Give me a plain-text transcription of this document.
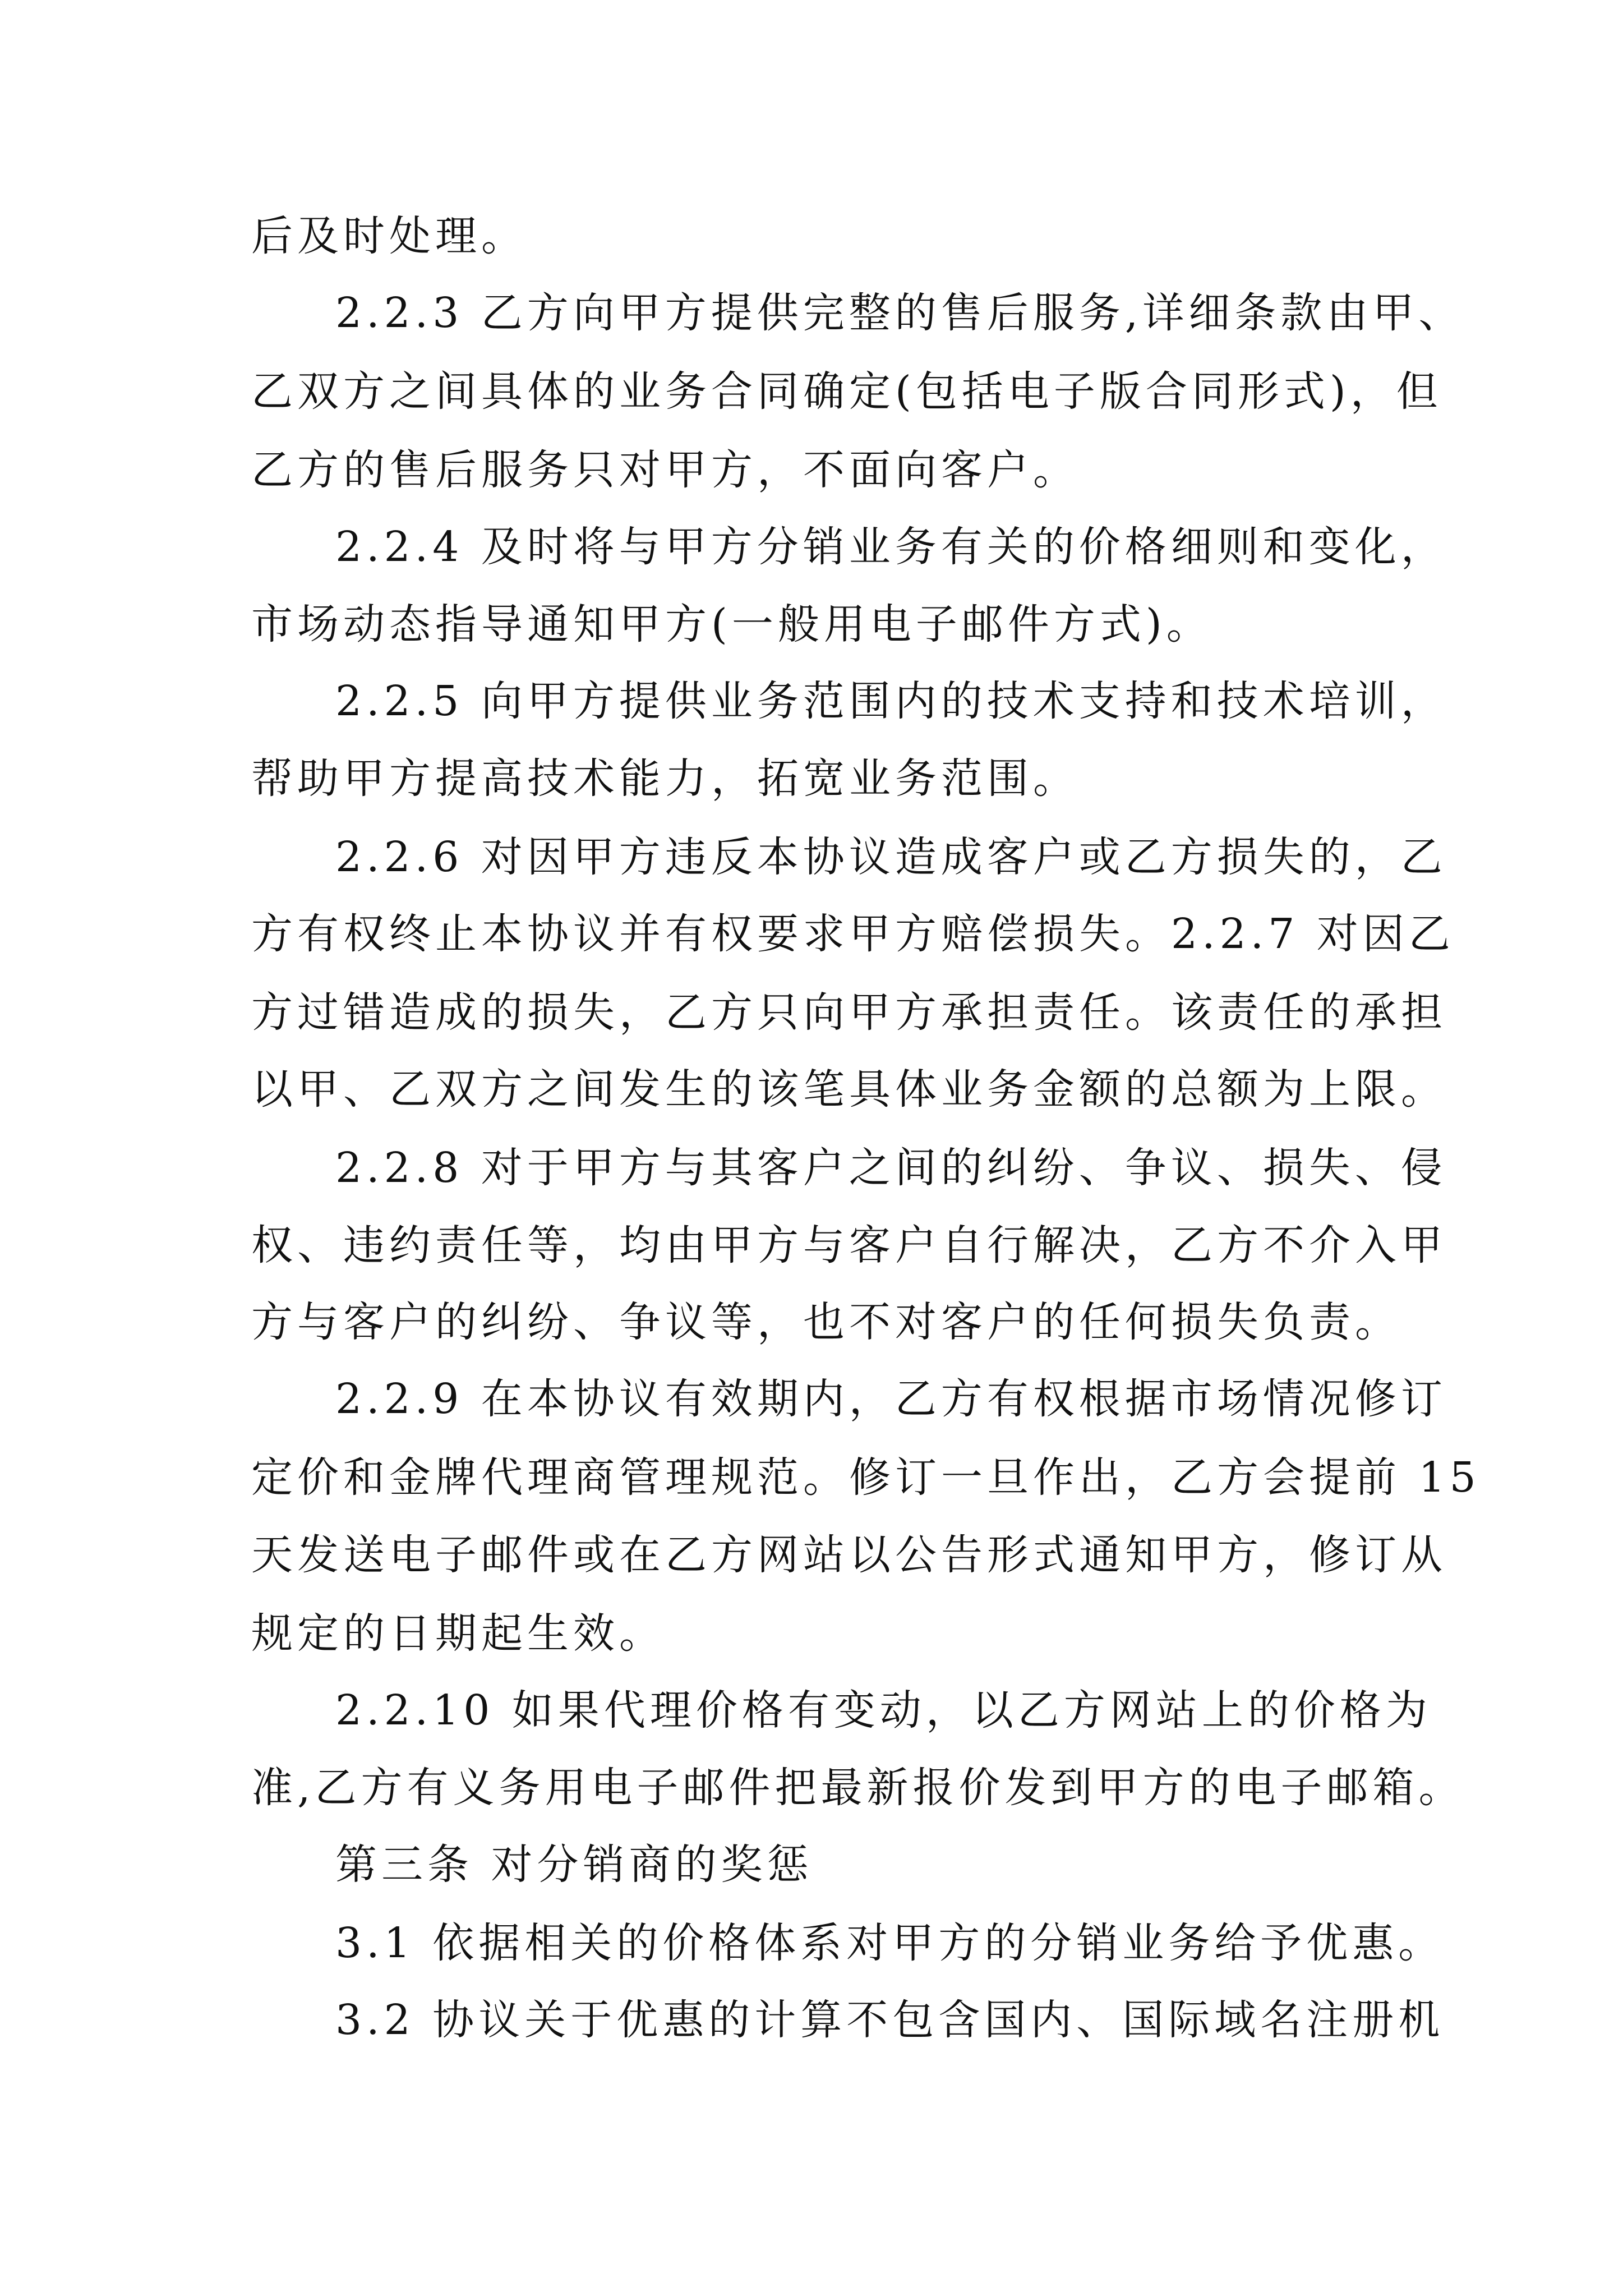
后及时处理。
2.2.3 乙方向甲方提供完整的售后服务,详细条款由甲、
乙双方之间具体的业务合同确定(包括电子版合同形式)，但
乙方的售后服务只对甲方，不面向客户。
2.2.4 及时将与甲方分销业务有关的价格细则和变化，
市场动态指导通知甲方(一般用电子邮件方式)。
2.2.5 向甲方提供业务范围内的技术支持和技术培训，
帮助甲方提高技术能力，拓宽业务范围。
2.2.6 对因甲方违反本协议造成客户或乙方损失的，乙
方有权终止本协议并有权要求甲方赔偿损失。2.2.7 对因乙
方过错造成的损失，乙方只向甲方承担责任。该责任的承担
以甲、乙双方之间发生的该笔具体业务金额的总额为上限。
2.2.8 对于甲方与其客户之间的纠纷、争议、损失、侵
权、违约责任等，均由甲方与客户自行解决，乙方不介入甲
方与客户的纠纷、争议等，也不对客户的任何损失负责。
2.2.9 在本协议有效期内，乙方有权根据市场情况修订
定价和金牌代理商管理规范。修订一旦作出，乙方会提前 15
天发送电子邮件或在乙方网站以公告形式通知甲方，修订从
规定的日期起生效。
2.2.10 如果代理价格有变动，以乙方网站上的价格为
准,乙方有义务用电子邮件把最新报价发到甲方的电子邮箱。
第三条 对分销商的奖惩
3.1 依据相关的价格体系对甲方的分销业务给予优惠。
3.2 协议关于优惠的计算不包含国内、国际域名注册机
